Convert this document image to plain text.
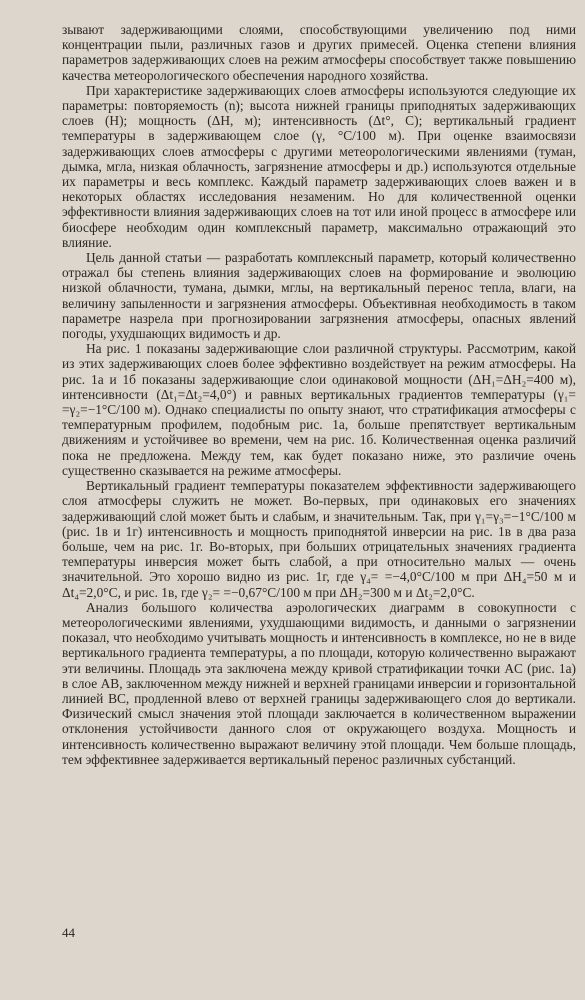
зывают задерживающими слоями, способствующими увеличению под ними концентрации пыли, различных газов и других примесей. Оценка степени влияния параметров задерживающих слоев на режим атмосферы способствует также повышению качества метеорологического обеспечения народного хозяйства.

При характеристике задерживающих слоев атмосферы используются следующие их параметры: повторяемость (n); высота нижней границы приподнятых задерживающих слоев (H); мощность (ΔH, м); интенсивность (Δt°, C); вертикальный градиент температуры в задерживающем слое (γ, °C/100 м). При оценке взаимосвязи задерживающих слоев атмосферы с другими метеорологическими явлениями (туман, дымка, мгла, низкая облачность, загрязнение атмосферы и др.) используются отдельные их параметры и весь комплекс. Каждый параметр задерживающих слоев важен и в некоторых областях исследования незаменим. Но для количественной оценки эффективности влияния задерживающих слоев на тот или иной процесс в атмосфере или биосфере необходим один комплексный параметр, максимально отражающий это влияние.

Цель данной статьи — разработать комплексный параметр, который количественно отражал бы степень влияния задерживающих слоев на формирование и эволюцию низкой облачности, тумана, дымки, мглы, на вертикальный перенос тепла, влаги, на величину запыленности и загрязнения атмосферы. Объективная необходимость в таком параметре назрела при прогнозировании загрязнения атмосферы, опасных явлений погоды, ухудшающих видимость и др.

На рис. 1 показаны задерживающие слои различной структуры. Рассмотрим, какой из этих задерживающих слоев более эффективно воздействует на режим атмосферы. На рис. 1а и 1б показаны задерживающие слои одинаковой мощности (ΔH₁=ΔH₂=400 м), интенсивности (Δt₁=Δt₂=4,0°) и равных вертикальных градиентов температуры (γ₁= =γ₂=−1°C/100 м). Однако специалисты по опыту знают, что стратификация атмосферы с температурным профилем, подобным рис. 1а, больше препятствует вертикальным движениям и устойчивее во времени, чем на рис. 1б. Количественная оценка различий пока не предложена. Между тем, как будет показано ниже, это различие очень существенно сказывается на режиме атмосферы.

Вертикальный градиент температуры показателем эффективности задерживающего слоя атмосферы служить не может. Во-первых, при одинаковых его значениях задерживающий слой может быть и слабым, и значительным. Так, при γ₁=γ₃=−1°C/100 м (рис. 1в и 1г) интенсивность и мощность приподнятой инверсии на рис. 1в в два раза больше, чем на рис. 1г. Во-вторых, при больших отрицательных значениях градиента температуры инверсия может быть слабой, а при относительно малых — очень значительной. Это хорошо видно из рис. 1г, где γ₄= =−4,0°C/100 м при ΔH₄=50 м и Δt₄=2,0°C, и рис. 1в, где γ₂= =−0,67°C/100 м при ΔH₂=300 м и Δt₂=2,0°C.

Анализ большого количества аэрологических диаграмм в совокупности с метеорологическими явлениями, ухудшающими видимость, и данными о загрязнении показал, что необходимо учитывать мощность и интенсивность в комплексе, но не в виде вертикального градиента температуры, а по площади, которую количественно выражают эти величины. Площадь эта заключена между кривой стратификации точки AC (рис. 1а) в слое AB, заключенном между нижней и верхней границами инверсии и горизонтальной линией BC, продленной влево от верхней границы задерживающего слоя до вертикали. Физический смысл значения этой площади заключается в количественном выражении отклонения устойчивости данного слоя от окружающего воздуха. Мощность и интенсивность количественно выражают величину этой площади. Чем больше площадь, тем эффективнее задерживается вертикальный перенос различных субстанций.

44
